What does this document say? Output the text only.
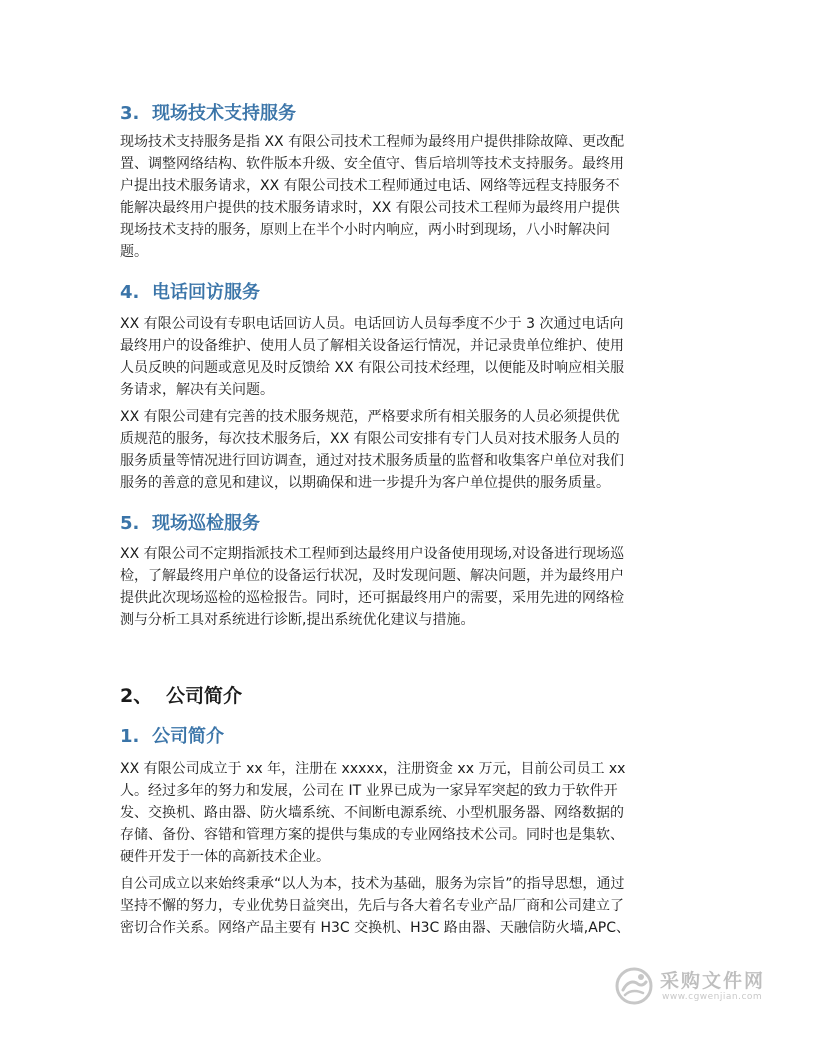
3. 现场技术支持服务
现场技术支持服务是指 XX 有限公司技术工程师为最终用户提供排除故障、更改配
置、调整网络结构、软件版本升级、安全值守、售后培圳等技术支持服务。最终用
户提出技术服务请求，XX 有限公司技术工程师通过电话、网络等远程支持服务不
能解决最终用户提供的技术服务请求时，XX 有限公司技术工程师为最终用户提供
现场技术支持的服务，原则上在半个小时内响应，两小时到现场，八小时解决问
题。
4. 电话回访服务
XX 有限公司设有专职电话回访人员。电话回访人员每季度不少于 3 次通过电话向
最终用户的设备维护、使用人员了解相关设备运行情况，并记录贵单位维护、使用
人员反映的问题或意见及时反馈给 XX 有限公司技术经理，以便能及时响应相关服
务请求，解决有关问题。
XX 有限公司建有完善的技术服务规范，严格要求所有相关服务的人员必须提供优
质规范的服务，每次技术服务后，XX 有限公司安排有专门人员对技术服务人员的
服务质量等情况进行回访调查，通过对技术服务质量的监督和收集客户单位对我们
服务的善意的意见和建议，以期确保和进一步提升为客户单位提供的服务质量。
5. 现场巡检服务
XX 有限公司不定期指派技术工程师到达最终用户设备使用现场,对设备进行现场巡
检，了解最终用户单位的设备运行状况，及时发现问题、解决问题，并为最终用户
提供此次现场巡检的巡检报告。同时，还可据最终用户的需要，采用先进的网络检
测与分析工具对系统进行诊断,提出系统优化建议与措施。
2、 公司简介
1. 公司简介
XX 有限公司成立于 xx 年，注册在 xxxxx，注册资金 xx 万元，目前公司员工 xx
人。经过多年的努力和发展，公司在 IT 业界已成为一家异军突起的致力于软件开
发、交换机、路由器、防火墙系统、不间断电源系统、小型机服务器、网络数据的
存储、备份、容错和管理方案的提供与集成的专业网络技术公司。同时也是集软、
硬件开发于一体的高新技术企业。
自公司成立以来始终秉承“以人为本，技术为基础，服务为宗旨”的指导思想，通过
坚持不懈的努力，专业优势日益突出，先后与各大着名专业产品厂商和公司建立了
密切合作关系。网络产品主要有 H3C 交换机、H3C 路由器、天融信防火墙,APC、
采购文件网
www.cgwenjian.com
